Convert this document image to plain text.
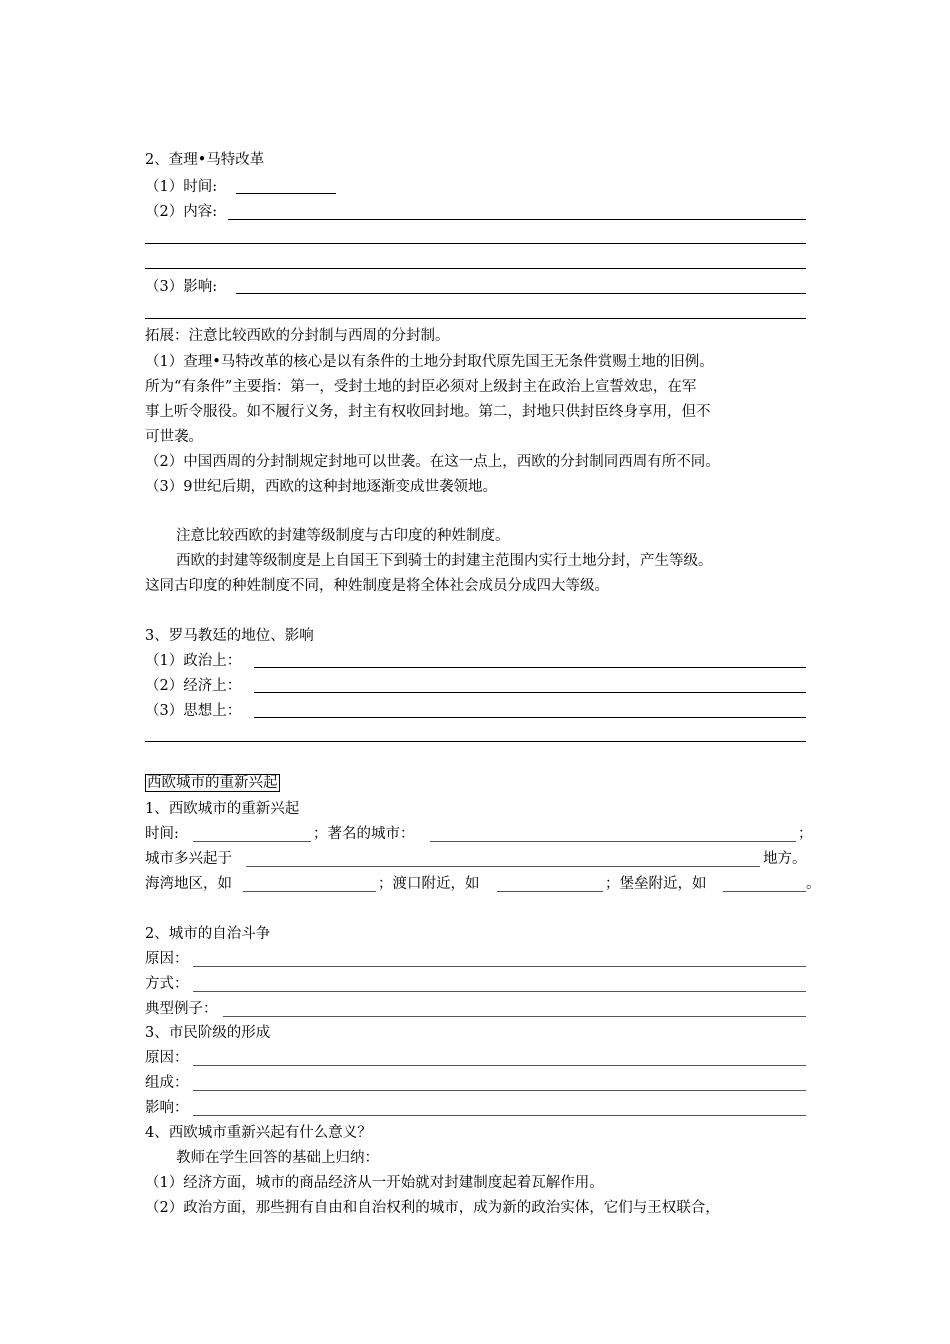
2、查理•马特改革
（1）时间:
（2）内容:
（3）影响:
拓展：注意比较西欧的分封制与西周的分封制。
（1）查理•马特改革的核心是以有条件的土地分封取代原先国王无条件赏赐土地的旧例。
所为“有条件”主要指：第一，受封土地的封臣必须对上级封主在政治上宣誓效忠，在军
事上听令服役。如不履行义务，封主有权收回封地。第二，封地只供封臣终身享用，但不
可世袭。
（2）中国西周的分封制规定封地可以世袭。在这一点上，西欧的分封制同西周有所不同。
（3）9世纪后期，西欧的这种封地逐渐变成世袭领地。
注意比较西欧的封建等级制度与古印度的种姓制度。
西欧的封建等级制度是上自国王下到骑士的封建主范围内实行土地分封，产生等级。
这同古印度的种姓制度不同，种姓制度是将全体社会成员分成四大等级。
3、罗马教廷的地位、影响
（1）政治上：
（2）经济上：
（3）思想上：
西欧城市的重新兴起
1、西欧城市的重新兴起
时间:	；著名的城市：	；
城市多兴起于	地方。
海湾地区，如	；渡口附近，如	；堡垒附近，如	。
2、城市的自治斗争
原因：
方式：
典型例子：
3、市民阶级的形成
原因：
组成：
影响：
4、西欧城市重新兴起有什么意义？
教师在学生回答的基础上归纳：
（1）经济方面，城市的商品经济从一开始就对封建制度起着瓦解作用。
（2）政治方面，那些拥有自由和自治权利的城市，成为新的政治实体，它们与王权联合，
